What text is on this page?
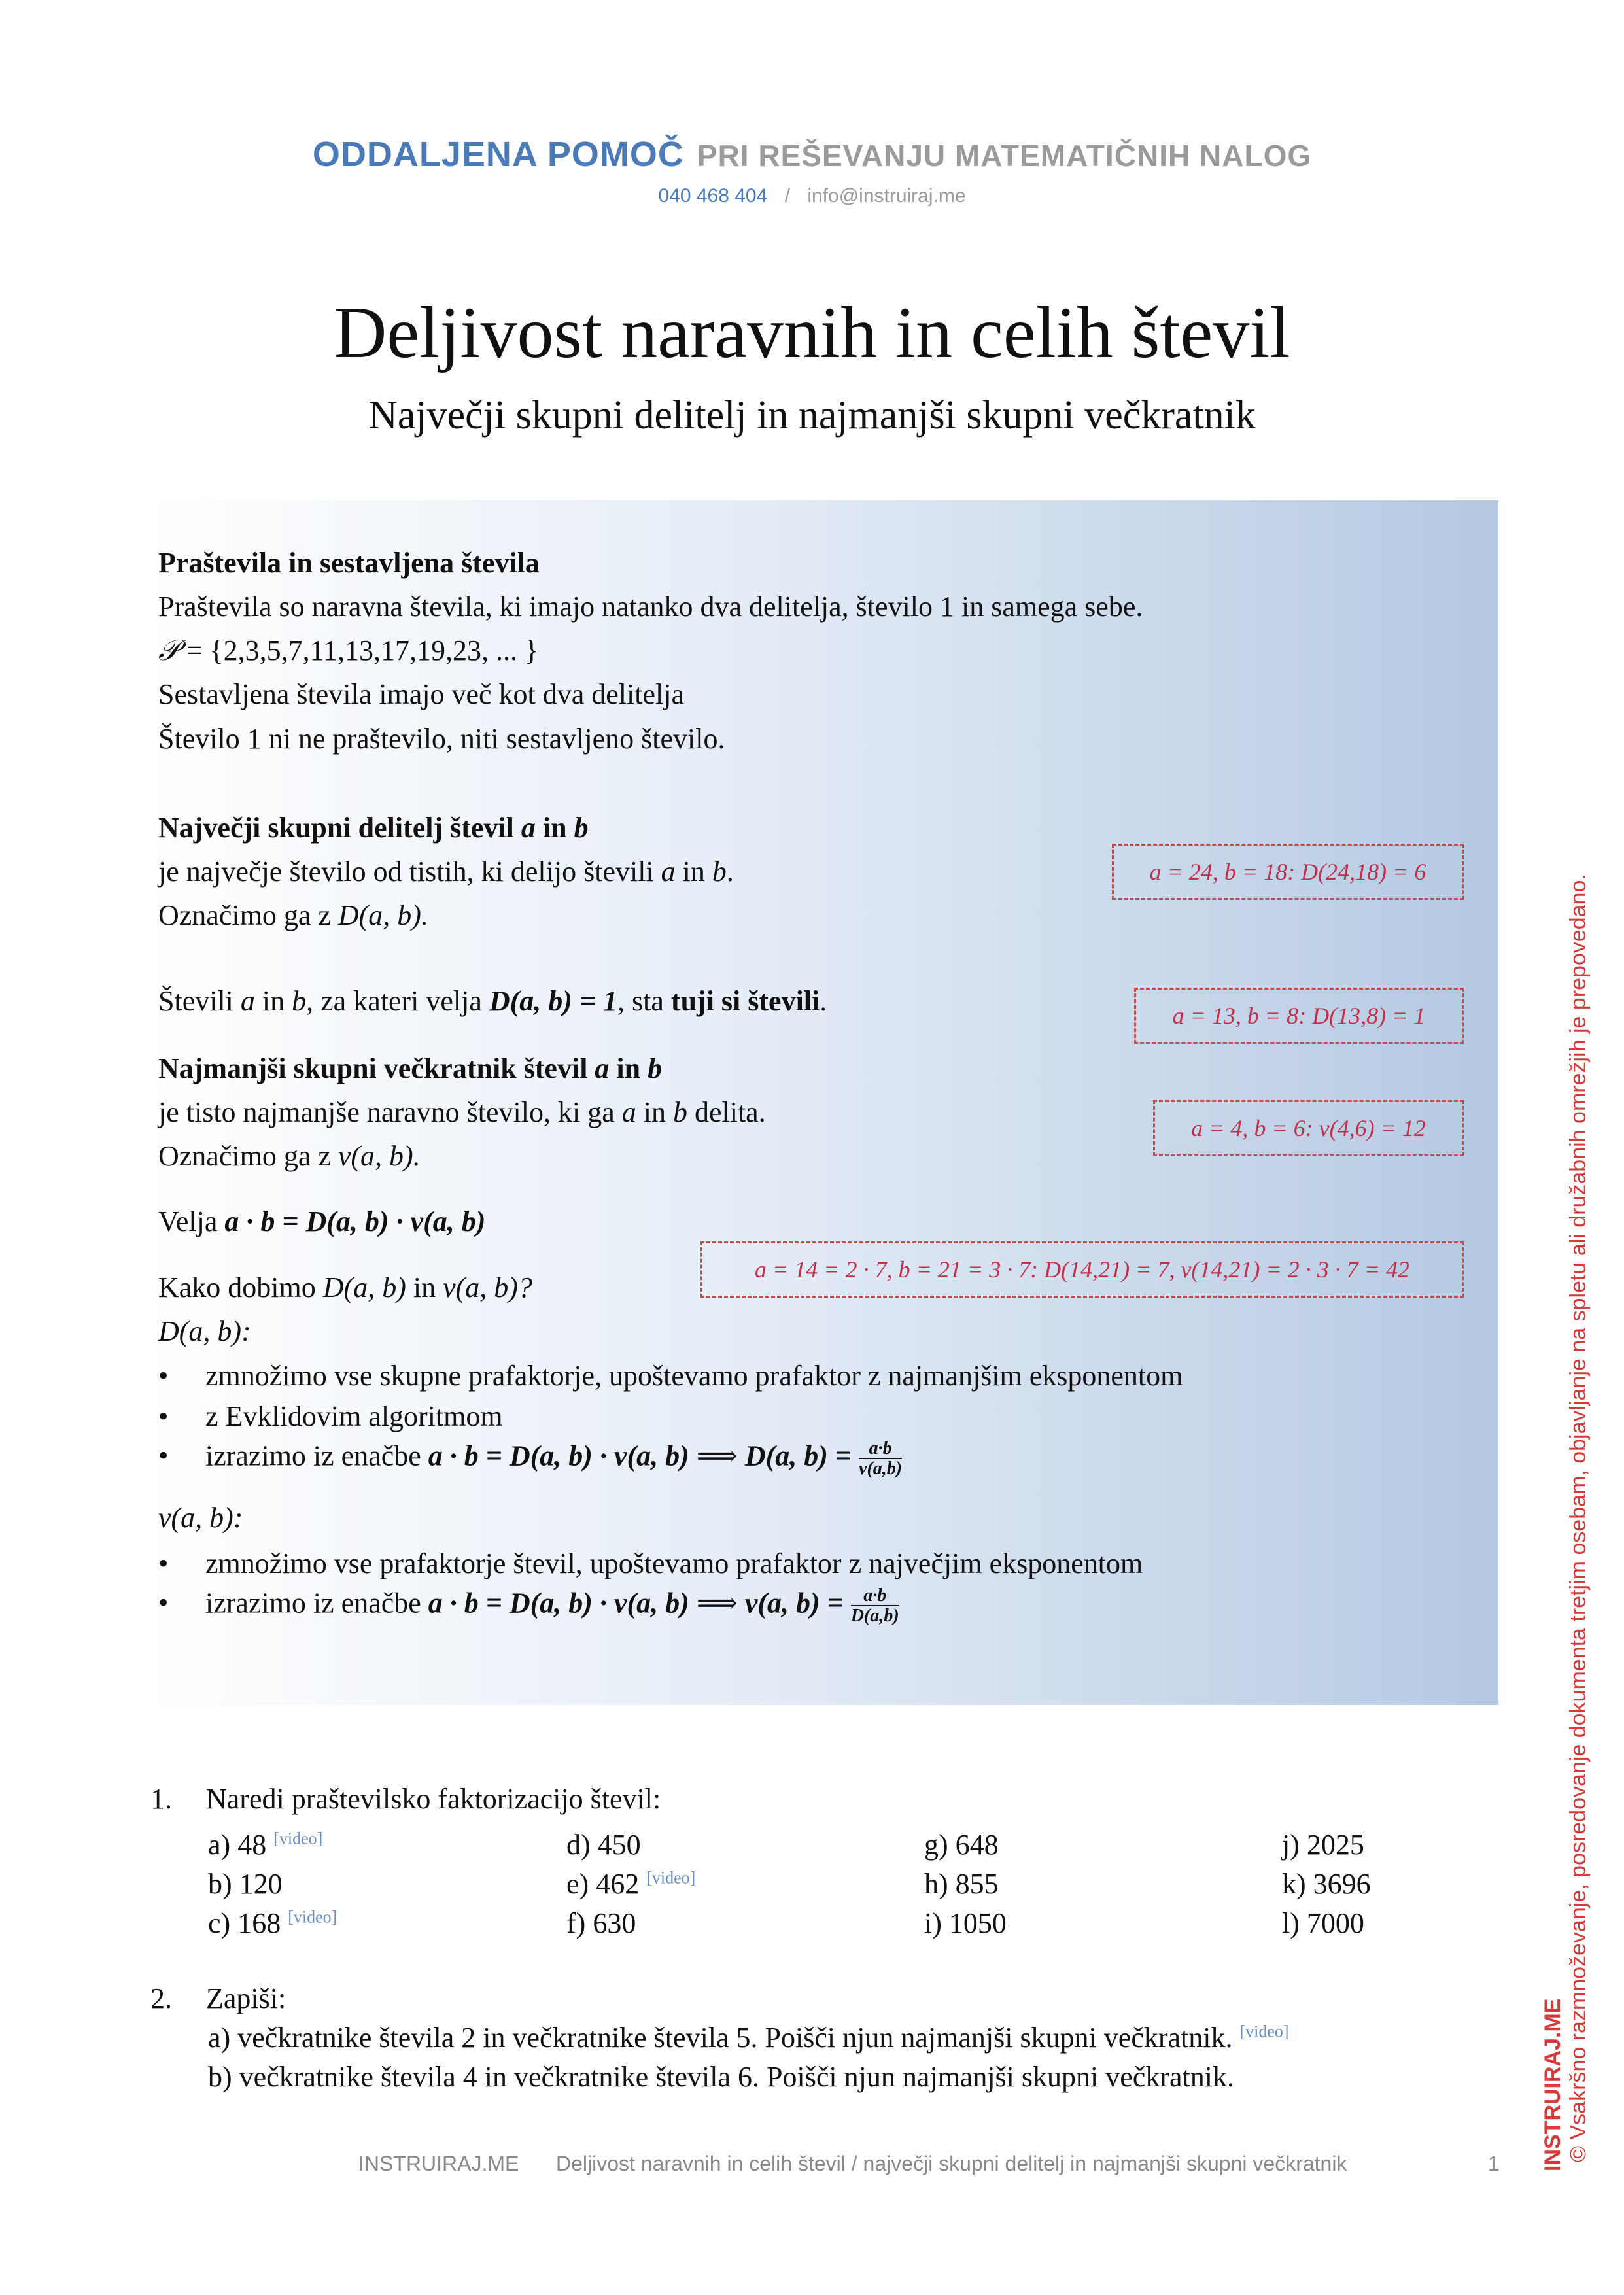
ODDALJENA POMOČ PRI REŠEVANJU MATEMATIČNIH NALOG
040 468 404 / info@instruiraj.me
Deljivost naravnih in celih števil
Največji skupni delitelj in najmanjši skupni večkratnik
Praštevila in sestavljena števila
Praštevila so naravna števila, ki imajo natanko dva delitelja, število 1 in samega sebe.
𝒫 = {2,3,5,7,11,13,17,19,23, ... }
Sestavljena števila imajo več kot dva delitelja
Število 1 ni ne praštevilo, niti sestavljeno število.
Največji skupni delitelj števil a in b
je največje število od tistih, ki delijo števili a in b.
Označimo ga z D(a, b).
Števili a in b, za kateri velja D(a, b) = 1, sta tuji si števili.
Najmanjši skupni večkratnik števil a in b
je tisto najmanjše naravno število, ki ga a in b delita.
Označimo ga z v(a, b).
Velja a · b = D(a, b) · v(a, b)
Kako dobimo D(a, b) in v(a, b)?
D(a, b):
• zmnožimo vse skupne prafaktorje, upoštevamo prafaktor z najmanjšim eksponentom
• z Evklidovim algoritmom
• izrazimo iz enačbe a · b = D(a, b) · v(a, b) ⟹ D(a, $b) = \frac{a\cdot b}{v(a,b)}$
v(a, b):
• zmnožimo vse prafaktorje števil, upoštevamo prafaktor z največjim eksponentom
• izrazimo iz enačbe a · b = D(a, b) · v(a, b) ⟹ v(a, $b) = \frac{a\cdot b}{D(a,b)}$
a = 24, b = 18: D(24,18) = 6
a = 13, b = 8: D(13,8) = 1
a = 4, b = 6: v(4,6) = 12
a = 14 = 2 · 7, b = 21 = 3 · 7: D(14,21) = 7, v(14,21) = 2 · 3 · 7 = 42
1. Naredi praštevilsko faktorizacijo števil:
a) 48 [video]
b) 120
c) 168 [video]
d) 450
e) 462 [video]
f) 630
g) 648
h) 855
i) 1050
j) 2025
k) 3696
l) 7000
2. Zapiši:
a) večkratnike števila 2 in večkratnike števila 5. Poišči njun najmanjši skupni večkratnik. [video]
b) večkratnike števila 4 in večkratnike števila 6. Poišči njun najmanjši skupni večkratnik.	INSTRUIRAJ.ME © Vsakršno razmnoževanje, posredovanje dokumenta tretjim osebam, objavljanje na spletu ali družabnih omrežjih je prepovedano.
INSTRUIRAJ.ME Deljivost naravnih in celih števil / največji skupni delitelj in najmanjši skupni večkratnik	1
